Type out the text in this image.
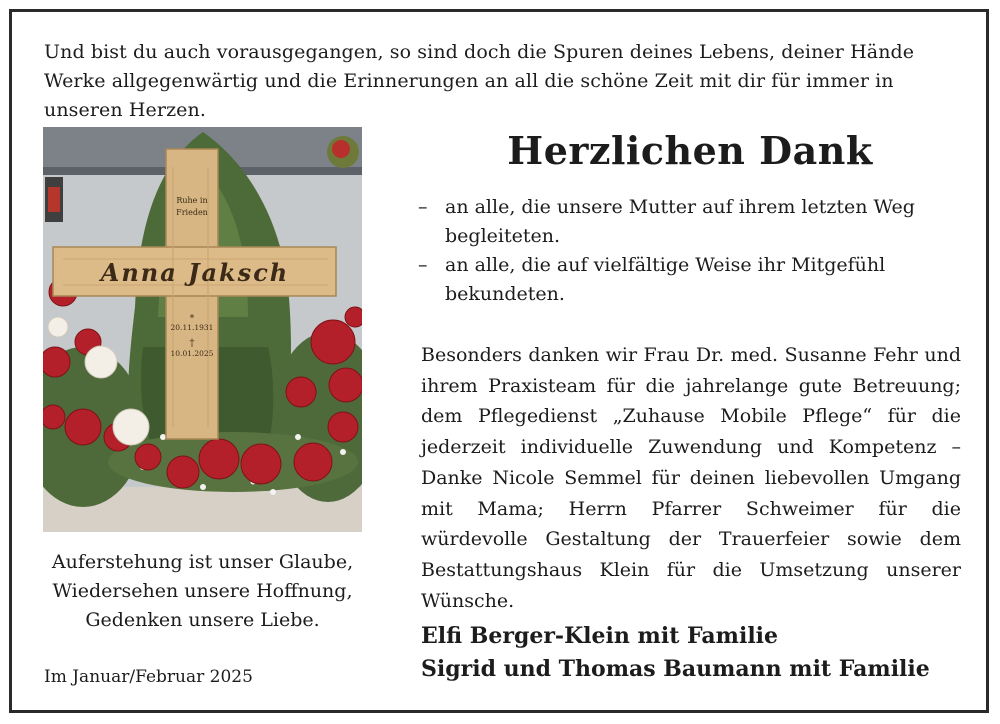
Und bist du auch vorausgegangen, so sind doch die Spuren deines Lebens, deiner Hände Werke allgegenwärtig und die Erinnerungen an all die schöne Zeit mit dir für immer in unseren Herzen.

Ruhe in
Frieden
Anna Jaksch
*
20.11.1931
†
10.01.2025
Auferstehung ist unser Glaube,
Wiedersehen unsere Hoffnung,
Gedenken unsere Liebe.
Im Januar/Februar 2025
Herzlichen Dank
– an alle, die unsere Mutter auf ihrem letzten Weg begleiteten.
– an alle, die auf vielfältige Weise ihr Mitgefühl bekundeten.

Besonders danken wir Frau Dr. med. Susanne Fehr und ihrem Praxisteam für die jahrelange gute Betreuung; dem Pflegedienst „Zuhause Mobile Pflege“ für die jederzeit individuelle Zuwendung und Kompetenz – Danke Nicole Semmel für deinen liebevollen Umgang mit Mama; Herrn Pfarrer Schweimer für die würdevolle Gestaltung der Trauerfeier sowie dem Bestattungshaus Klein für die Umsetzung unserer Wünsche.

Elfi Berger-Klein mit Familie
Sigrid und Thomas Baumann mit Familie
